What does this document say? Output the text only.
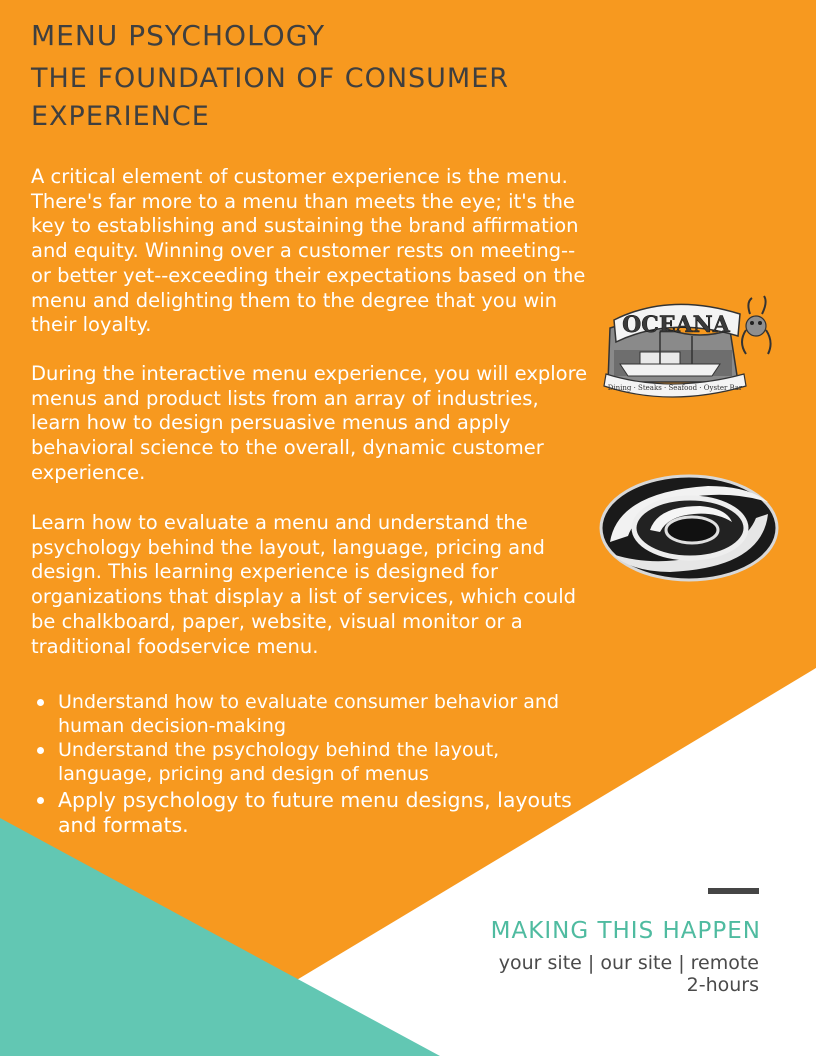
MENU PSYCHOLOGY
THE FOUNDATION OF CONSUMER EXPERIENCE

A critical element of customer experience is the menu. There's far more to a menu than meets the eye; it's the key to establishing and sustaining the brand affirmation and equity. Winning over a customer rests on meeting--or better yet--exceeding their expectations based on the menu and delighting them to the degree that you win their loyalty.

During the interactive menu experience, you will explore menus and product lists from an array of industries, learn how to design persuasive menus and apply behavioral science to the overall, dynamic customer experience.

Learn how to evaluate a menu and understand the psychology behind the layout, language, pricing and design. This learning experience is designed for organizations that display a list of services, which could be chalkboard, paper, website, visual monitor or a traditional foodservice menu.

Understand how to evaluate consumer behavior and human decision-making
Understand the psychology behind the layout, language, pricing and design of menus
Apply psychology to future menu designs, layouts and formats.
Dining · Steaks · Seafood · Oyster Bar
OCEANA
MAKING THIS HAPPEN

your site | our site | remote

2-hours
